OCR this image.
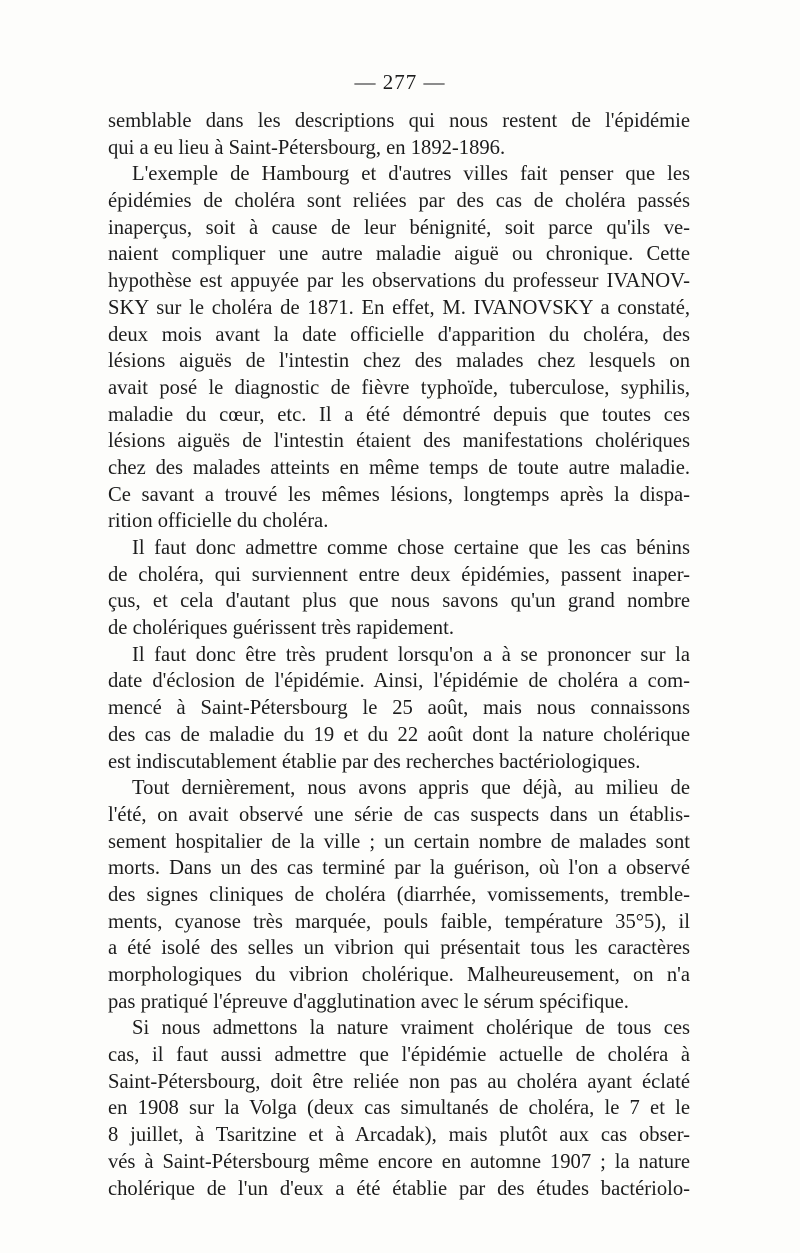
— 277 —
semblable dans les descriptions qui nous restent de l'épidémie
qui a eu lieu à Saint-Pétersbourg, en 1892-1896.
L'exemple de Hambourg et d'autres villes fait penser que les
épidémies de choléra sont reliées par des cas de choléra passés
inaperçus, soit à cause de leur bénignité, soit parce qu'ils ve-
naient compliquer une autre maladie aiguë ou chronique. Cette
hypothèse est appuyée par les observations du professeur IVANOV-
SKY sur le choléra de 1871. En effet, M. IVANOVSKY a constaté,
deux mois avant la date officielle d'apparition du choléra, des
lésions aiguës de l'intestin chez des malades chez lesquels on
avait posé le diagnostic de fièvre typhoïde, tuberculose, syphilis,
maladie du cœur, etc. Il a été démontré depuis que toutes ces
lésions aiguës de l'intestin étaient des manifestations cholériques
chez des malades atteints en même temps de toute autre maladie.
Ce savant a trouvé les mêmes lésions, longtemps après la dispa-
rition officielle du choléra.
Il faut donc admettre comme chose certaine que les cas bénins
de choléra, qui surviennent entre deux épidémies, passent inaper-
çus, et cela d'autant plus que nous savons qu'un grand nombre
de cholériques guérissent très rapidement.
Il faut donc être très prudent lorsqu'on a à se prononcer sur la
date d'éclosion de l'épidémie. Ainsi, l'épidémie de choléra a com-
mencé à Saint-Pétersbourg le 25 août, mais nous connaissons
des cas de maladie du 19 et du 22 août dont la nature cholérique
est indiscutablement établie par des recherches bactériologiques.
Tout dernièrement, nous avons appris que déjà, au milieu de
l'été, on avait observé une série de cas suspects dans un établis-
sement hospitalier de la ville ; un certain nombre de malades sont
morts. Dans un des cas terminé par la guérison, où l'on a observé
des signes cliniques de choléra (diarrhée, vomissements, tremble-
ments, cyanose très marquée, pouls faible, température 35°5), il
a été isolé des selles un vibrion qui présentait tous les caractères
morphologiques du vibrion cholérique. Malheureusement, on n'a
pas pratiqué l'épreuve d'agglutination avec le sérum spécifique.
Si nous admettons la nature vraiment cholérique de tous ces
cas, il faut aussi admettre que l'épidémie actuelle de choléra à
Saint-Pétersbourg, doit être reliée non pas au choléra ayant éclaté
en 1908 sur la Volga (deux cas simultanés de choléra, le 7 et le
8 juillet, à Tsaritzine et à Arcadak), mais plutôt aux cas obser-
vés à Saint-Pétersbourg même encore en automne 1907 ; la nature
cholérique de l'un d'eux a été établie par des études bactériolo-
